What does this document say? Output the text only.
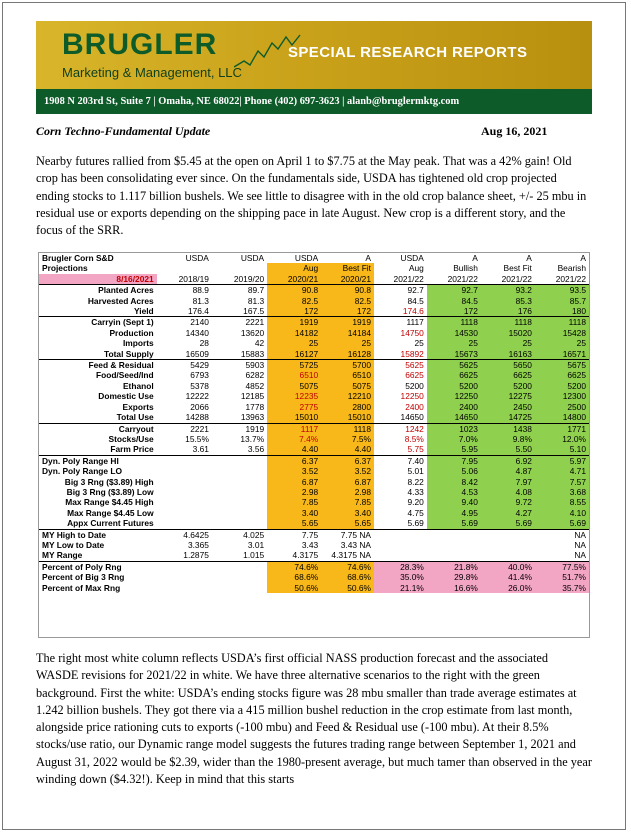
BRUGLER
Marketing & Management, LLC
SPECIAL RESEARCH REPORTS
1908 N 203rd St, Suite 7 | Omaha, NE 68022| Phone (402) 697-3623 | alanb@bruglermktg.com
Corn Techno-Fundamental Update	Aug 16, 2021

Nearby futures rallied from $5.45 at the open on April 1 to $7.75 at the May peak. That was a 42% gain! Old crop has been consolidating ever since. On the fundamentals side, USDA has tightened old crop projected ending stocks to 1.117 billion bushels. We see little to disagree with in the old crop balance sheet, +/- 25 mbu in residual use or exports depending on the shipping pace in late August. New crop is a different story, and the focus of the SRR.

Brugler Corn S&D	USDA	USDA	USDA	A	USDA	A	A	A
Projections			Aug	Best Fit	Aug	Bullish	Best Fit	Bearish
8/16/2021	2018/19	2019/20	2020/21	2020/21	2021/22	2021/22	2021/22	2021/22
Planted Acres	88.9	89.7	90.8	90.8	92.7	92.7	93.2	93.5
Harvested Acres	81.3	81.3	82.5	82.5	84.5	84.5	85.3	85.7
Yield	176.4	167.5	172	172	174.6	172	176	180
Carryin (Sept 1)	2140	2221	1919	1919	1117	1118	1118	1118
Production	14340	13620	14182	14184	14750	14530	15020	15428
Imports	28	42	25	25	25	25	25	25
Total Supply	16509	15883	16127	16128	15892	15673	16163	16571
Feed & Residual	5429	5903	5725	5700	5625	5625	5650	5675
Food/Seed/Ind	6793	6282	6510	6510	6625	6625	6625	6625
Ethanol	5378	4852	5075	5075	5200	5200	5200	5200
Domestic Use	12222	12185	12235	12210	12250	12250	12275	12300
Exports	2066	1778	2775	2800	2400	2400	2450	2500
Total Use	14288	13963	15010	15010	14650	14650	14725	14800
Carryout	2221	1919	1117	1118	1242	1023	1438	1771
Stocks/Use	15.5%	13.7%	7.4%	7.5%	8.5%	7.0%	9.8%	12.0%
Farm Price	3.61	3.56	4.40	4.40	5.75	5.95	5.50	5.10
Dyn. Poly Range HI			6.37	6.37	7.40	7.95	6.92	5.97
Dyn. Poly Range LO			3.52	3.52	5.01	5.06	4.87	4.71
Big 3 Rng ($3.89) High			6.87	6.87	8.22	8.42	7.97	7.57
Big 3 Rng ($3.89) Low			2.98	2.98	4.33	4.53	4.08	3.68
Max Range $4.45 High			7.85	7.85	9.20	9.40	9.72	8.55
Max Range $4.45 Low			3.40	3.40	4.75	4.95	4.27	4.10
Appx Current Futures			5.65	5.65	5.69	5.69	5.69	5.69
MY High to Date	4.6425	4.025	7.75	7.75 NA				NA
MY Low to Date	3.365	3.01	3.43	3.43 NA				NA
MY Range	1.2875	1.015	4.3175	4.3175 NA				NA
Percent of Poly Rng			74.6%	74.6%	28.3%	21.8%	40.0%	77.5%
Percent of Big 3 Rng			68.6%	68.6%	35.0%	29.8%	41.4%	51.7%
Percent of Max Rng			50.6%	50.6%	21.1%	16.6%	26.0%	35.7%

The right most white column reflects USDA’s first official NASS production forecast and the associated WASDE revisions for 2021/22 in white. We have three alternative scenarios to the right with the green background. First the white: USDA’s ending stocks figure was 28 mbu smaller than trade average estimates at 1.242 billion bushels. They got there via a 415 million bushel reduction in the crop estimate from last month, alongside price rationing cuts to exports (-100 mbu) and Feed & Residual use (-100 mbu). At their 8.5% stocks/use ratio, our Dynamic range model suggests the futures trading range between September 1, 2021 and August 31, 2022 would be $2.39, wider than the 1980-present average, but much tamer than observed in the year winding down ($4.32!). Keep in mind that this starts
